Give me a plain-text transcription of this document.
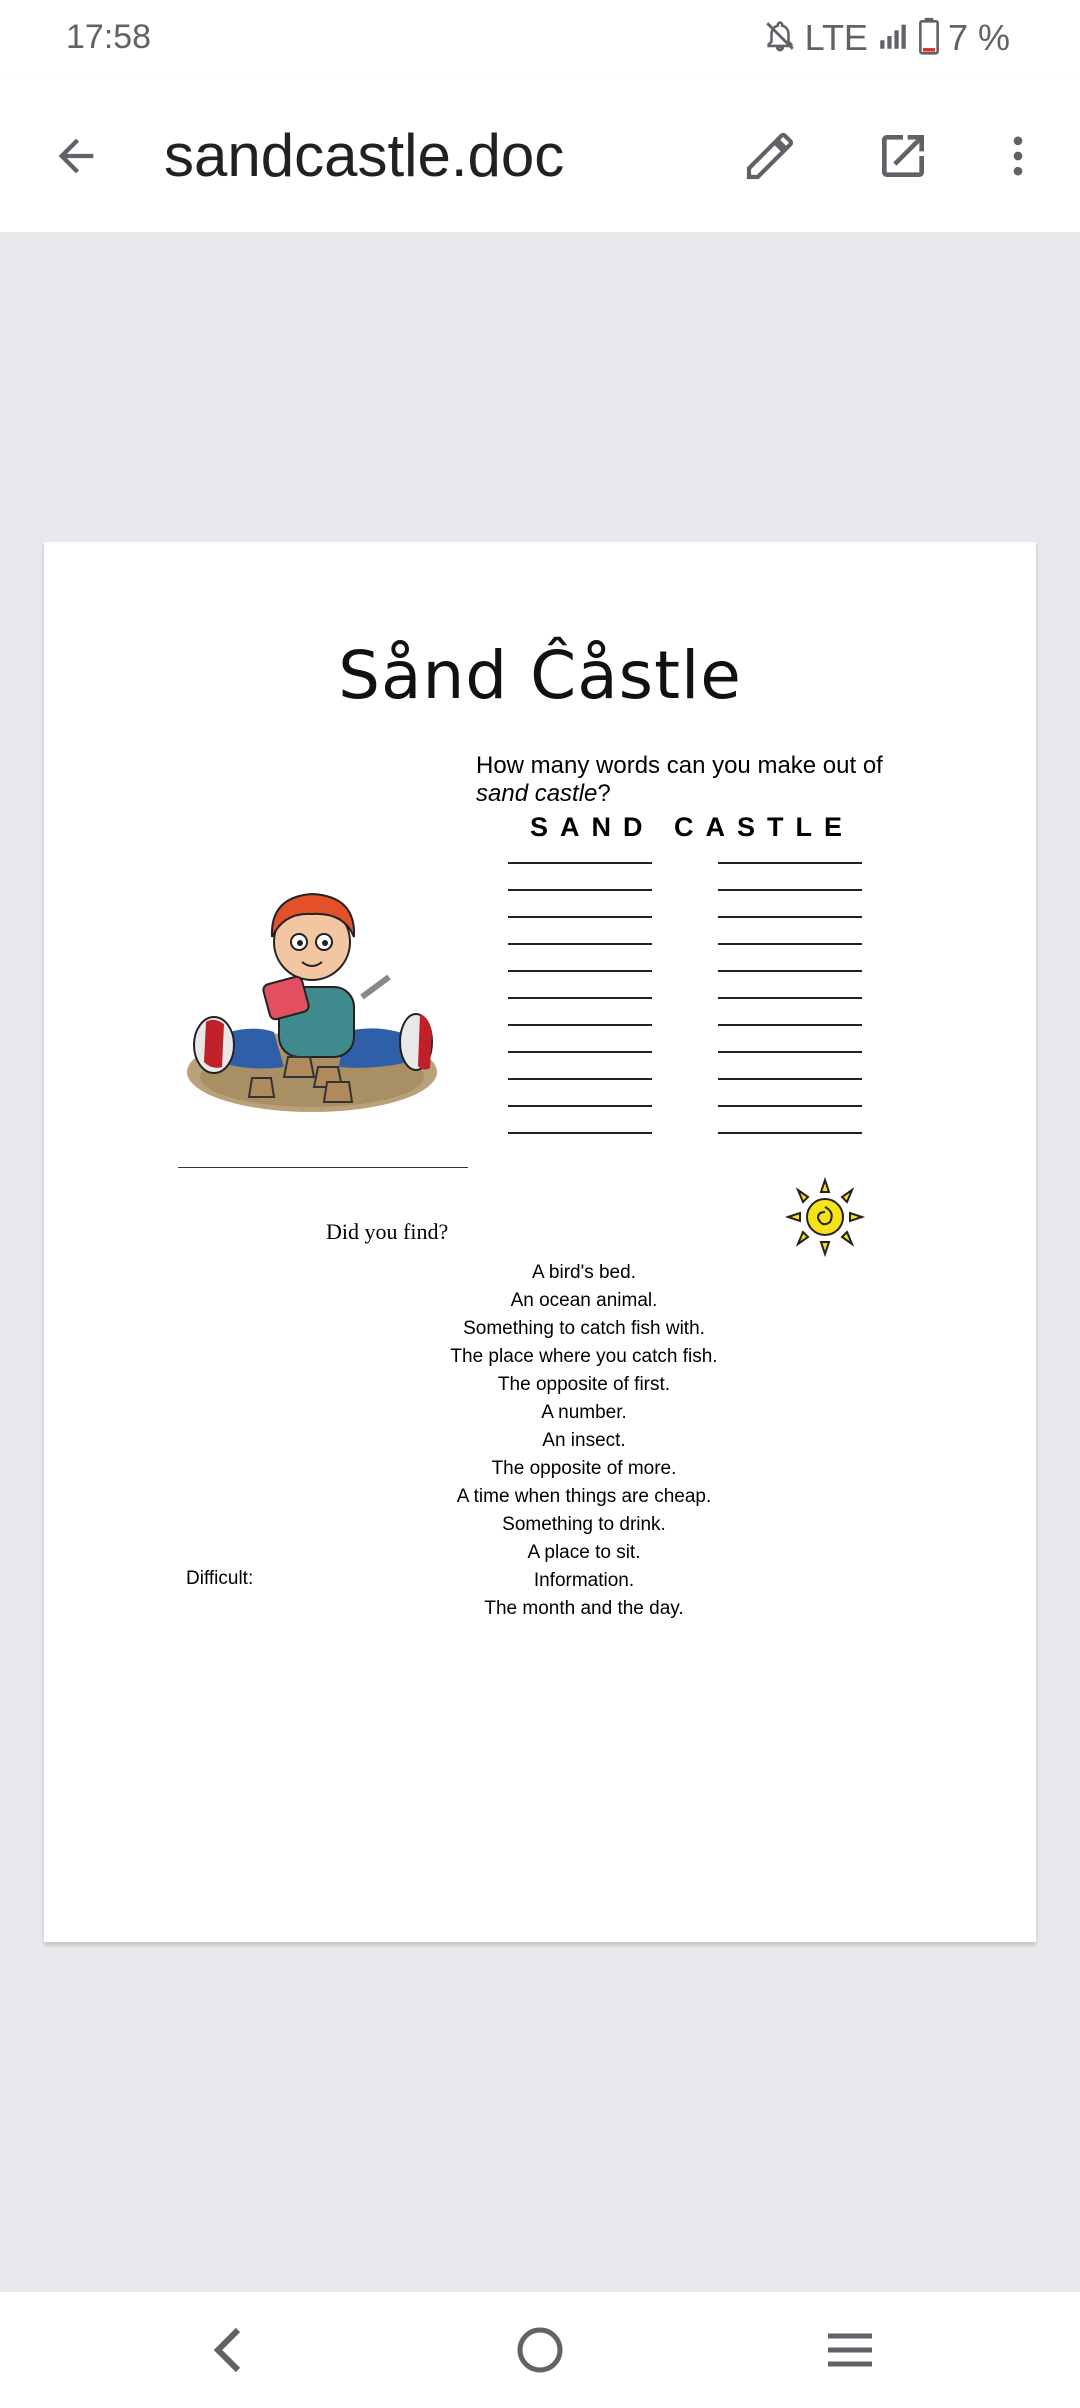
17:58	LTE 7 %
sandcastle.doc
Sånd Ĉåstle
How many words can you make out of
sand castle?
SAND CASTLE
Did you find?
A bird's bed.
An ocean animal.
Something to catch fish with.
The place where you catch fish.
The opposite of first.
A number.
An insect.
The opposite of more.
A time when things are cheap.
Something to drink.
A place to sit.
Information.
The month and the day.
Difficult:
